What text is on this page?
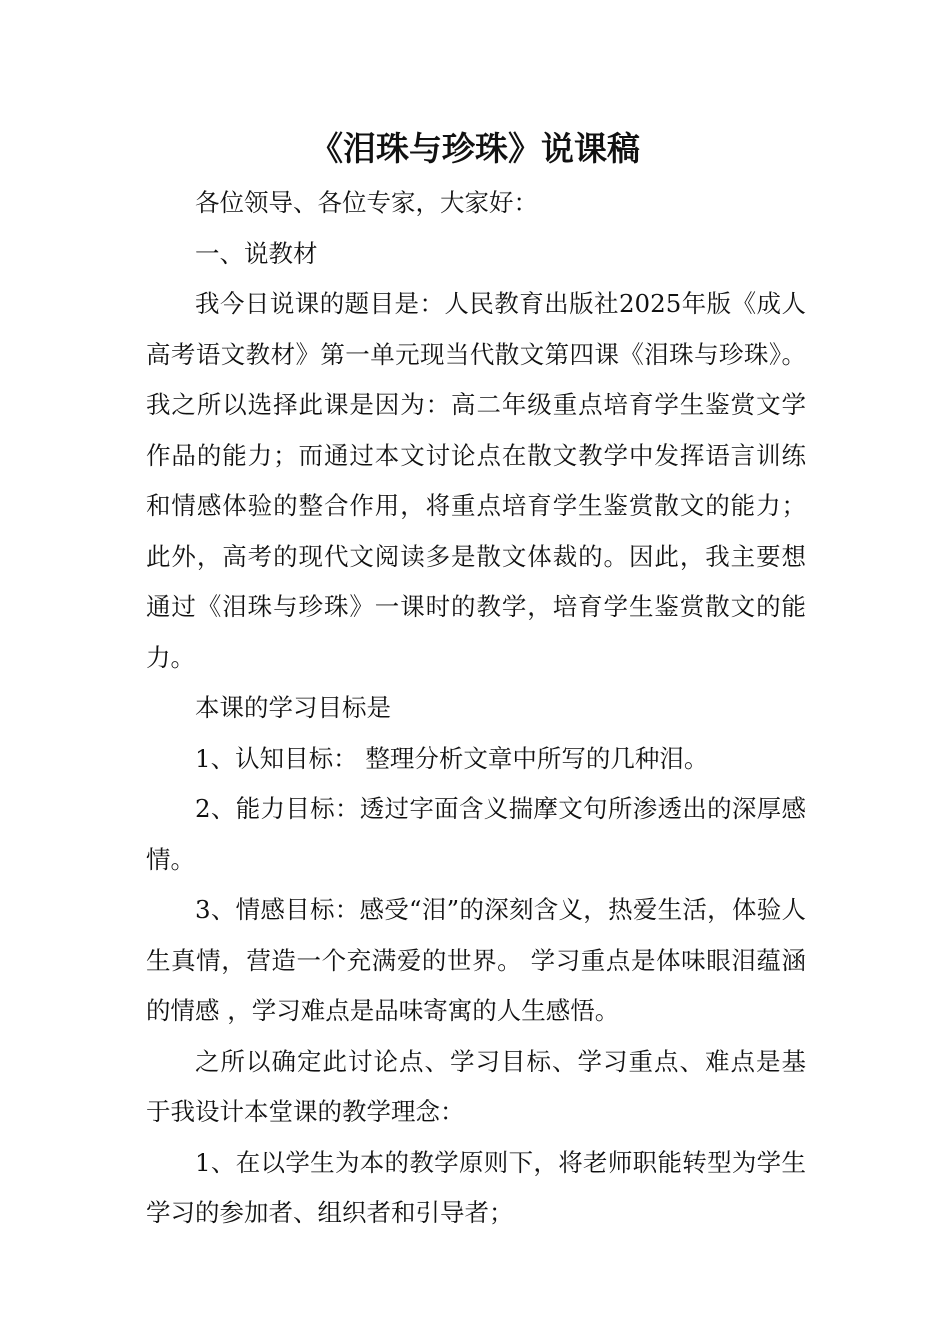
《泪珠与珍珠》说课稿

各位领导、各位专家，大家好：

一、说教材

我今日说课的题目是：人民教育出版社2025年版《成人高考语文教材》第一单元现当代散文第四课《泪珠与珍珠》。我之所以选择此课是因为：高二年级重点培育学生鉴赏文学作品的能力；而通过本文讨论点在散文教学中发挥语言训练和情感体验的整合作用，将重点培育学生鉴赏散文的能力；此外，高考的现代文阅读多是散文体裁的。因此，我主要想通过《泪珠与珍珠》一课时的教学，培育学生鉴赏散文的能力。

本课的学习目标是

1、认知目标： 整理分析文章中所写的几种泪。

2、能力目标：透过字面含义揣摩文句所渗透出的深厚感情。

3、情感目标：感受“泪”的深刻含义，热爱生活，体验人生真情，营造一个充满爱的世界。 学习重点是体味眼泪蕴涵的情感 ，学习难点是品味寄寓的人生感悟。

之所以确定此讨论点、学习目标、学习重点、难点是基于我设计本堂课的教学理念：

1、在以学生为本的教学原则下，将老师职能转型为学生学习的参加者、组织者和引导者；
